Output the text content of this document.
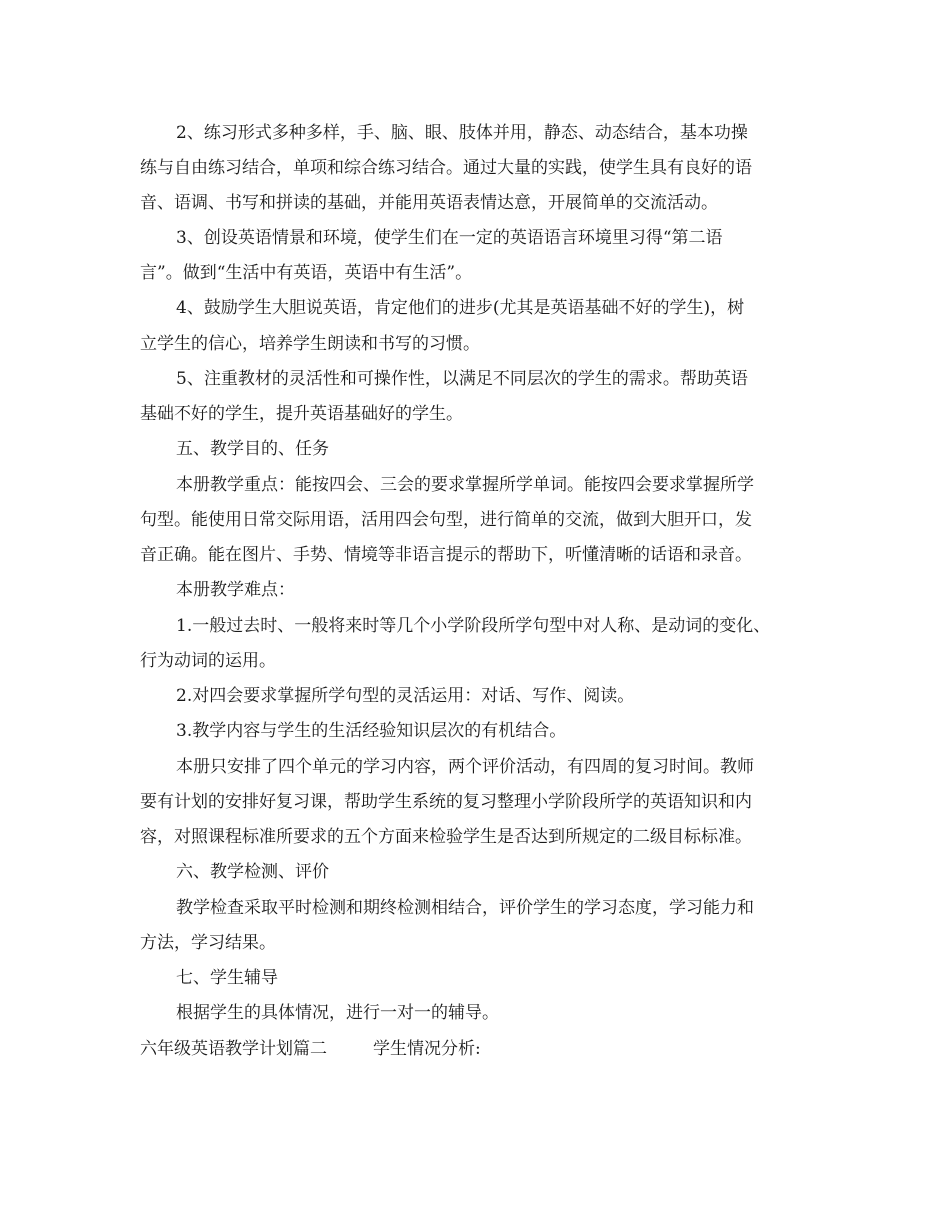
2、练习形式多种多样，手、脑、眼、肢体并用，静态、动态结合，基本功操

练与自由练习结合，单项和综合练习结合。通过大量的实践，使学生具有良好的语

音、语调、书写和拼读的基础，并能用英语表情达意，开展简单的交流活动。

3、创设英语情景和环境，使学生们在一定的英语语言环境里习得“第二语

言”。做到“生活中有英语，英语中有生活”。

4、鼓励学生大胆说英语，肯定他们的进步(尤其是英语基础不好的学生)，树

立学生的信心，培养学生朗读和书写的习惯。

5、注重教材的灵活性和可操作性，以满足不同层次的学生的需求。帮助英语

基础不好的学生，提升英语基础好的学生。

五、教学目的、任务

本册教学重点：能按四会、三会的要求掌握所学单词。能按四会要求掌握所学

句型。能使用日常交际用语，活用四会句型，进行简单的交流，做到大胆开口，发

音正确。能在图片、手势、情境等非语言提示的帮助下，听懂清晰的话语和录音。

本册教学难点：

1.一般过去时、一般将来时等几个小学阶段所学句型中对人称、是动词的变化、

行为动词的运用。

2.对四会要求掌握所学句型的灵活运用：对话、写作、阅读。

3.教学内容与学生的生活经验知识层次的有机结合。

本册只安排了四个单元的学习内容，两个评价活动，有四周的复习时间。教师

要有计划的安排好复习课，帮助学生系统的复习整理小学阶段所学的英语知识和内

容，对照课程标准所要求的五个方面来检验学生是否达到所规定的二级目标标准。

六、教学检测、评价

教学检查采取平时检测和期终检测相结合，评价学生的学习态度，学习能力和

方法，学习结果。

七、学生辅导

根据学生的具体情况，进行一对一的辅导。

六年级英语教学计划篇二	学生情况分析:
